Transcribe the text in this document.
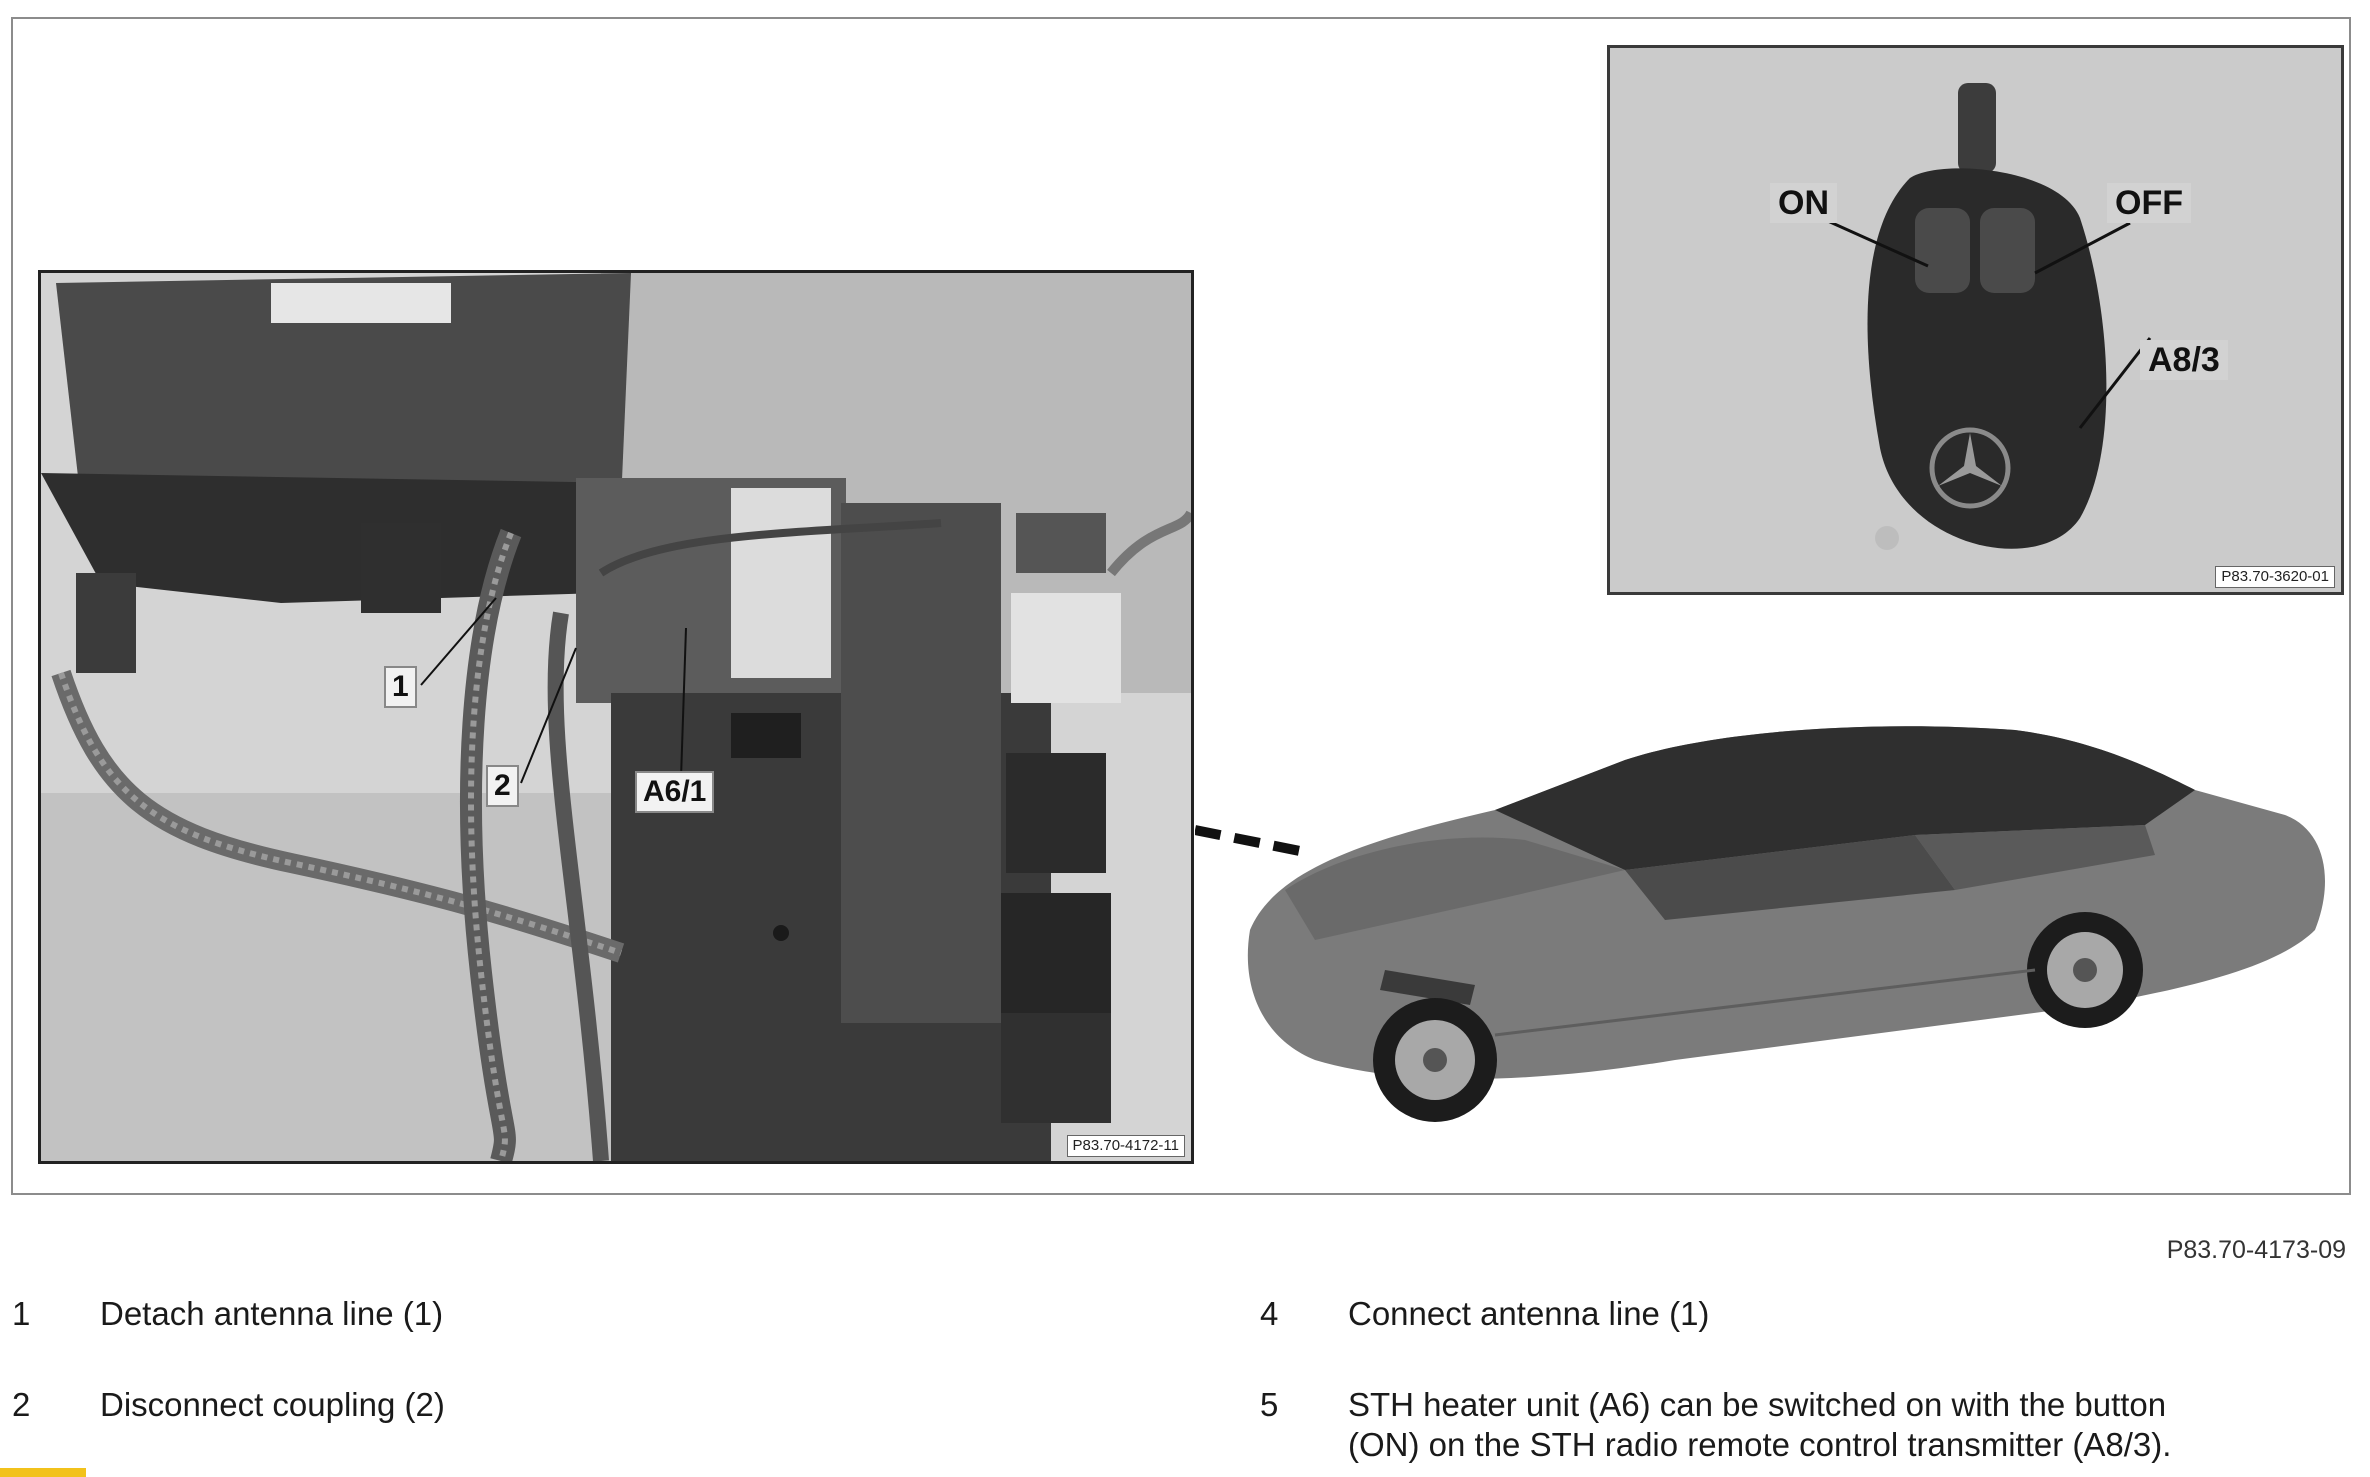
1
2	A6/1
P83.70-4172-11
ON	OFF
A8/3
P83.70-3620-01
P83.70-4173-09
1 Detach antenna line (1)
2 Disconnect coupling (2)
4 Connect antenna line (1)
5 STH heater unit (A6) can be switched on with the button
(ON) on the STH radio remote control transmitter (A8/3).
